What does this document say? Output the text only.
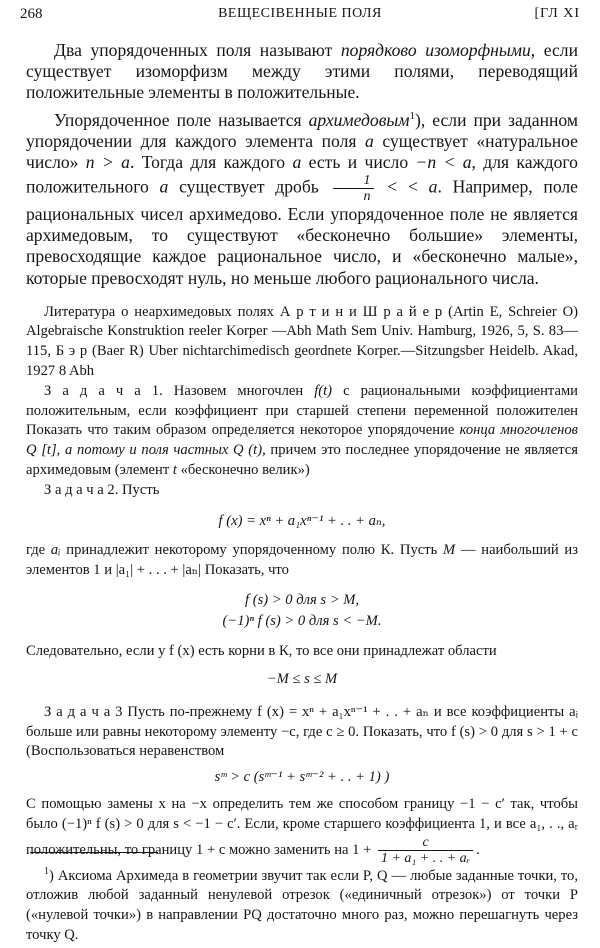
268	ВЕЩЕСIВЕННЫЕ ПОЛЯ	[ГЛ XI

Два упорядоченных поля называют порядково изоморфными, если существует изоморфизм между этими полями, переводящий положительные элементы в положительные.

Упорядоченное поле называется архимедовым$^1$), если при заданном упорядочении для каждого элемента поля a существует «натуральное число» n > a. Тогда для каждого a есть и число −n < a, для каждого положительного a существует дробь $\frac{1}{n}$ < < a. Например, поле рациональных чисел архимедово. Если упорядоченное поле не является архимедовым, то существуют «бесконечно большие» элементы, превосходящие каждое рациональное число, и «бесконечно малые», которые превосходят нуль, но меньше любого рационального числа.

Литература о неархимедовых полях А р т и н и Ш р а й е р (Artin E, Schreier O) Algebraische Konstruktion reeler Korper —Abh Math Sem Univ. Hamburg, 1926, 5, S. 83—115, Б э р (Baer R) Uber nichtarchimedisch geordnete Korper.—Sitzungsber Heidelb. Akad, 1927 8 Abh

З а д а ч а 1. Назовем многочлен f(t) с рациональными коэффициентами положительным, если коэффициент при старшей степени переменной положителен Показать что таким образом определяется некоторое упорядочение конца многочленов Q [t], а потому и поля частных Q (t), причем это последнее упорядочение не является архимедовым (элемент t «бесконечно велик»)

З а д а ч а 2. Пусть

f (x) = xⁿ + a₁xⁿ⁻¹ + . . + aₙ,

где aᵢ принадлежит некоторому упорядоченному полю К. Пусть M — наибольший из элементов 1 и |a₁| + . . . + |aₙ| Показать, что

f (s) > 0 для s > M,

(−1)ⁿ f (s) > 0 для s < −M.

Следовательно, если у f (x) есть корни в К, то все они принадлежат области

−M ≤ s ≤ M

З а д а ч а 3 Пусть по-прежнему f (x) = xⁿ + a₁xⁿ⁻¹ + . . + aₙ и все коэффициенты aᵢ больше или равны некоторому элементу −c, где c ≥ 0. Показать, что f (s) > 0 для s > 1 + c (Воспользоваться неравенством

sᵐ > c (sᵐ⁻¹ + sᵐ⁻² + . . + 1) )

С помощью замены x на −x определить тем же способом границу −1 − c′ так, чтобы было (−1)ⁿ f (s) > 0 для s < −1 − c′. Если, кроме старшего коэффициента 1, и все a₁, . ., aᵣ положительны, то границу 1 + c можно заменить на $1 + \frac{c}{\text{1 + a₁ + . . + aᵣ}}$ .

$^1$) Аксиома Архимеда в геометрии звучит так если P, Q — любые заданные точки, то, отложив любой заданный ненулевой отрезок («единичный отрезок») от точки P («нулевой точки») в направлении PQ достаточно много раз, можно перешагнуть через точку Q.
